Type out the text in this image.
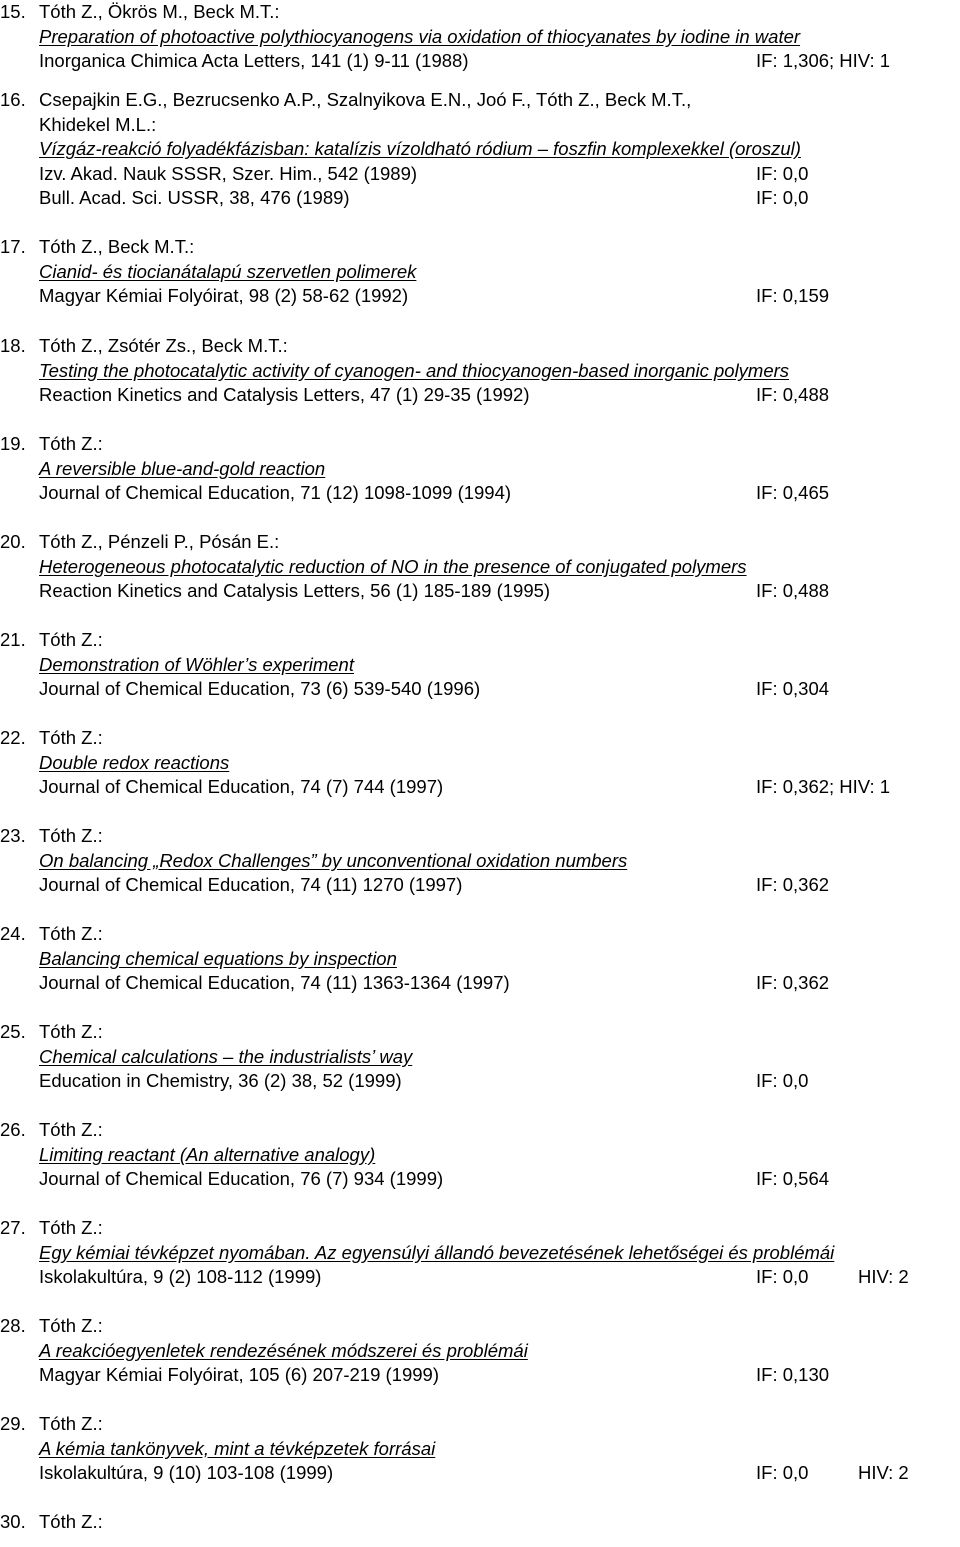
15. Tóth Z., Ökrös M., Beck M.T.:
Preparation of photoactive polythiocyanogens via oxidation of thiocyanates by iodine in water
Inorganica Chimica Acta Letters, 141 (1) 9-11 (1988)	IF: 1,306; HIV: 1
16. Csepajkin E.G., Bezrucsenko A.P., Szalnyikova E.N., Joó F., Tóth Z., Beck M.T.,
Khidekel M.L.:
Vízgáz-reakció folyadékfázisban: katalízis vízoldható ródium – foszfin komplexekkel (oroszul)
Izv. Akad. Nauk SSSR, Szer. Him., 542 (1989)	IF: 0,0
Bull. Acad. Sci. USSR, 38, 476 (1989)	IF: 0,0
17. Tóth Z., Beck M.T.:
Cianid- és tiocianátalapú szervetlen polimerek
Magyar Kémiai Folyóirat, 98 (2) 58-62 (1992)	IF: 0,159
18. Tóth Z., Zsótér Zs., Beck M.T.:
Testing the photocatalytic activity of cyanogen- and thiocyanogen-based inorganic polymers
Reaction Kinetics and Catalysis Letters, 47 (1) 29-35 (1992)	IF: 0,488
19. Tóth Z.:
A reversible blue-and-gold reaction
Journal of Chemical Education, 71 (12) 1098-1099 (1994)	IF: 0,465
20. Tóth Z., Pénzeli P., Pósán E.:
Heterogeneous photocatalytic reduction of NO in the presence of conjugated polymers
Reaction Kinetics and Catalysis Letters, 56 (1) 185-189 (1995)	IF: 0,488
21. Tóth Z.:
Demonstration of Wöhler’s experiment
Journal of Chemical Education, 73 (6) 539-540 (1996)	IF: 0,304
22. Tóth Z.:
Double redox reactions
Journal of Chemical Education, 74 (7) 744 (1997)	IF: 0,362; HIV: 1
23. Tóth Z.:
On balancing „Redox Challenges” by unconventional oxidation numbers
Journal of Chemical Education, 74 (11) 1270 (1997)	IF: 0,362
24. Tóth Z.:
Balancing chemical equations by inspection
Journal of Chemical Education, 74 (11) 1363-1364 (1997)	IF: 0,362
25. Tóth Z.:
Chemical calculations – the industrialists’ way
Education in Chemistry, 36 (2) 38, 52 (1999)	IF: 0,0
26. Tóth Z.:
Limiting reactant (An alternative analogy)
Journal of Chemical Education, 76 (7) 934 (1999)	IF: 0,564
27. Tóth Z.:
Egy kémiai tévképzet nyomában. Az egyensúlyi állandó bevezetésének lehetőségei és problémái
Iskolakultúra, 9 (2) 108-112 (1999)	IF: 0,0	HIV: 2
28. Tóth Z.:
A reakcióegyenletek rendezésének módszerei és problémái
Magyar Kémiai Folyóirat, 105 (6) 207-219 (1999)	IF: 0,130
29. Tóth Z.:
A kémia tankönyvek, mint a tévképzetek forrásai
Iskolakultúra, 9 (10) 103-108 (1999)	IF: 0,0	HIV: 2
30. Tóth Z.:
